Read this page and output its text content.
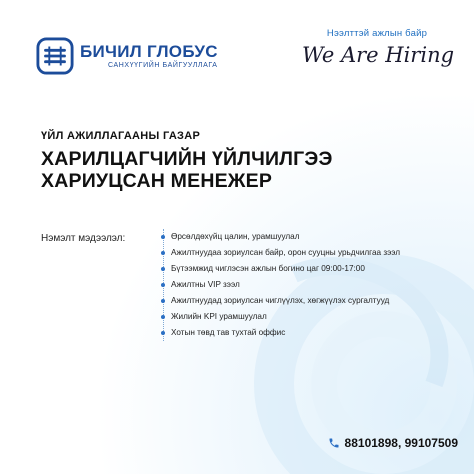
БИЧИЛ ГЛОБУС
САНХҮҮГИЙН БАЙГУУЛЛАГА
Нээлттэй ажлын байр
We Are Hiring
ҮЙЛ АЖИЛЛАГААНЫ ГАЗАР
ХАРИЛЦАГЧИЙН ҮЙЛЧИЛГЭЭ
ХАРИУЦСАН МЕНЕЖЕР
Нэмэлт мэдээлэл:	Өрсөлдөхүйц цалин, урамшуулал
Ажилтнуудаа зориулсан байр, орон сууцны урьдчилгаа зээл
Бүтээмжид чиглэсэн ажлын богино цаг 09:00-17:00
Ажилтны VIP зээл
Ажилтнуудад зориулсан чиглүүлэх, хөгжүүлэх сургалтууд
Жилийн KPI урамшуулал
Хотын төвд тав тухтай оффис
88101898, 99107509
